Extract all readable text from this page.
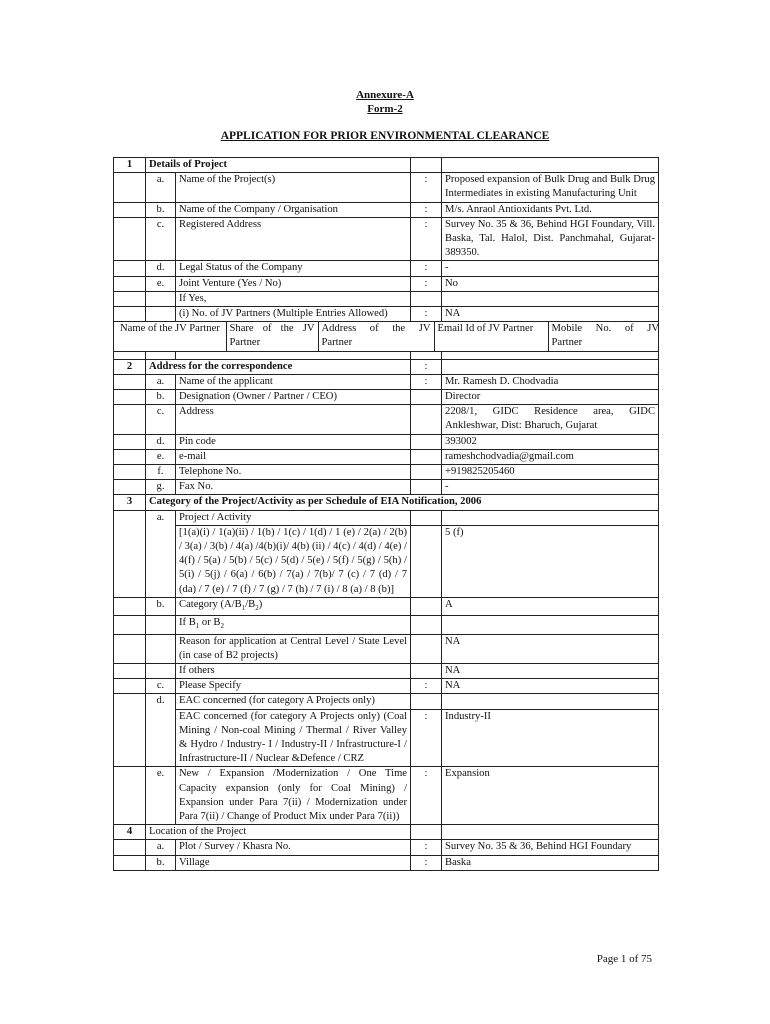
Annexure-A
Form-2
APPLICATION FOR PRIOR ENVIRONMENTAL CLEARANCE
1	Details of Project		
	a.	Name of the Project(s)	:	Proposed expansion of Bulk Drug and Bulk Drug Intermediates in existing Manufacturing Unit
	b.	Name of the Company / Organisation	:	M/s. Anraol Antioxidants Pvt. Ltd.
	c.	Registered Address	:	Survey No. 35 & 36, Behind HGI Foundary, Vill. Baska, Tal. Halol, Dist. Panchmahal, Gujarat-389350.
	d.	Legal Status of the Company	:	-
	e.	Joint Venture (Yes / No)	:	No
		If Yes,		
		(i) No. of JV Partners (Multiple Entries Allowed)	:	NA

Name of the JV Partner	Share of the JV Partner	Address of the JV Partner	Email Id of JV Partner	Mobile No. of JV Partner

2	Address for the correspondence	:	
	a.	Name of the applicant	:	Mr. Ramesh D. Chodvadia
	b.	Designation (Owner / Partner / CEO)		Director
	c.	Address		2208/1, GIDC Residence area, GIDC Ankleshwar, Dist: Bharuch, Gujarat
	d.	Pin code		393002
	e.	e-mail		rameshchodvadia@gmail.com
	f.	Telephone No.		+919825205460
	g.	Fax No.		-
3	Category of the Project/Activity as per Schedule of EIA Notification, 2006
	a.	Project / Activity		
[1(a)(i) / 1(a)(ii) / 1(b) / 1(c) / 1(d) / 1 (e) / 2(a) / 2(b) / 3(a) / 3(b) / 4(a) /4(b)(i)/ 4(b) (ii) / 4(c) / 4(d) / 4(e) / 4(f) / 5(a) / 5(b) / 5(c) / 5(d) / 5(e) / 5(f) / 5(g) / 5(h) / 5(i) / 5(j) / 6(a) / 6(b) / 7(a) / 7(b)/ 7 (c) / 7 (d) / 7 (da) / 7 (e) / 7 (f) / 7 (g) / 7 (h) / 7 (i) / 8 (a) / 8 (b)]		5 (f)
	b.	Category $(A/B_1/B_2)$		A
		If $B_1$ or $B_2$		
		Reason for application at Central Level / State Level (in case of B2 projects)		NA
		If others		NA
	c.	Please Specify	:	NA
	d.	EAC concerned (for category A Projects only)		
EAC concerned (for category A Projects only) (Coal Mining / Non-coal Mining / Thermal / River Valley & Hydro / Industry- I / Industry-II / Infrastructure-I / Infrastructure-II / Nuclear &Defence / CRZ	:	Industry-II
	e.	New / Expansion /Modernization / One Time Capacity expansion (only for Coal Mining) / Expansion under Para 7(ii) / Modernization under Para 7(ii) / Change of Product Mix under Para 7(ii))	:	Expansion
4	Location of the Project		
	a.	Plot / Survey / Khasra No.	:	Survey No. 35 & 36, Behind HGI Foundary
	b.	Village	:	Baska
Page 1 of 75
